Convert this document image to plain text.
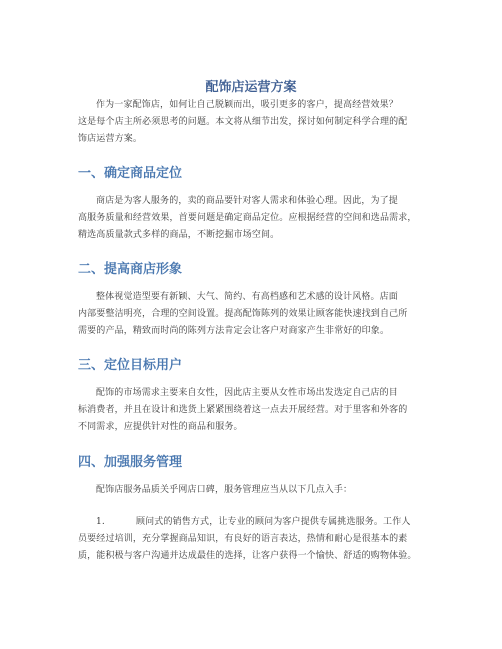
配饰店运营方案

作为一家配饰店，如何让自己脱颖而出，吸引更多的客户，提高经营效果？
这是每个店主所必须思考的问题。本文将从细节出发，探讨如何制定科学合理的配
饰店运营方案。

一、确定商品定位

商店是为客人服务的，卖的商品要针对客人需求和体验心理。因此，为了提
高服务质量和经营效果，首要问题是确定商品定位。应根据经营的空间和选品需求，
精选高质量款式多样的商品，不断挖掘市场空间。

二、提高商店形象

整体视觉造型要有新颖、大气、简约、有高档感和艺术感的设计风格。店面
内部要整洁明亮，合理的空间设置。提高配饰陈列的效果让顾客能快速找到自己所
需要的产品，精致而时尚的陈列方法肯定会让客户对商家产生非常好的印象。

三、定位目标用户

配饰的市场需求主要来自女性，因此店主要从女性市场出发选定自己店的目
标消费者，并且在设计和选货上紧紧围绕着这一点去开展经营。对于里客和外客的
不同需求，应提供针对性的商品和服务。

四、加强服务管理

配饰店服务品质关乎网店口碑，服务管理应当从以下几点入手：

1.	顾问式的销售方式，让专业的顾问为客户提供专属挑选服务。工作人
员要经过培训，充分掌握商品知识，有良好的语言表达，热情和耐心是很基本的素
质，能积极与客户沟通并达成最佳的选择，让客户获得一个愉快、舒适的购物体验。
